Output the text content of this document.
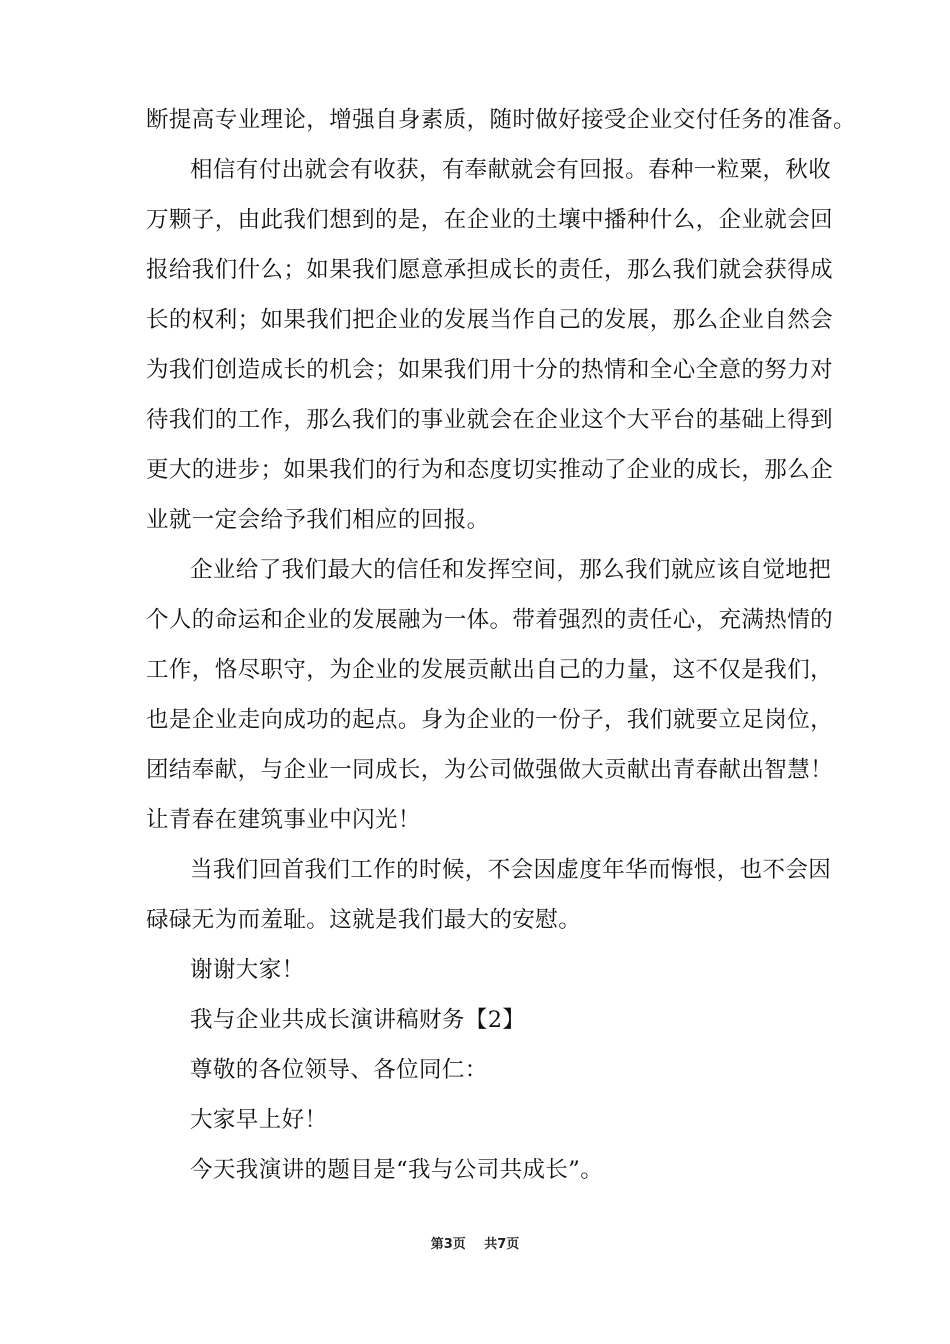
断提高专业理论，增强自身素质，随时做好接受企业交付任务的准备。
相信有付出就会有收获，有奉献就会有回报。春种一粒粟，秋收
万颗子，由此我们想到的是，在企业的土壤中播种什么，企业就会回
报给我们什么；如果我们愿意承担成长的责任，那么我们就会获得成
长的权利；如果我们把企业的发展当作自己的发展，那么企业自然会
为我们创造成长的机会；如果我们用十分的热情和全心全意的努力对
待我们的工作，那么我们的事业就会在企业这个大平台的基础上得到
更大的进步；如果我们的行为和态度切实推动了企业的成长，那么企
业就一定会给予我们相应的回报。
企业给了我们最大的信任和发挥空间，那么我们就应该自觉地把
个人的命运和企业的发展融为一体。带着强烈的责任心，充满热情的
工作，恪尽职守，为企业的发展贡献出自己的力量，这不仅是我们，
也是企业走向成功的起点。身为企业的一份子，我们就要立足岗位，
团结奉献，与企业一同成长，为公司做强做大贡献出青春献出智慧！
让青春在建筑事业中闪光！
当我们回首我们工作的时候，不会因虚度年华而悔恨，也不会因
碌碌无为而羞耻。这就是我们最大的安慰。
谢谢大家！
我与企业共成长演讲稿财务【2】
尊敬的各位领导、各位同仁：
大家早上好！
今天我演讲的题目是“我与公司共成长”。
第3页 共7页
